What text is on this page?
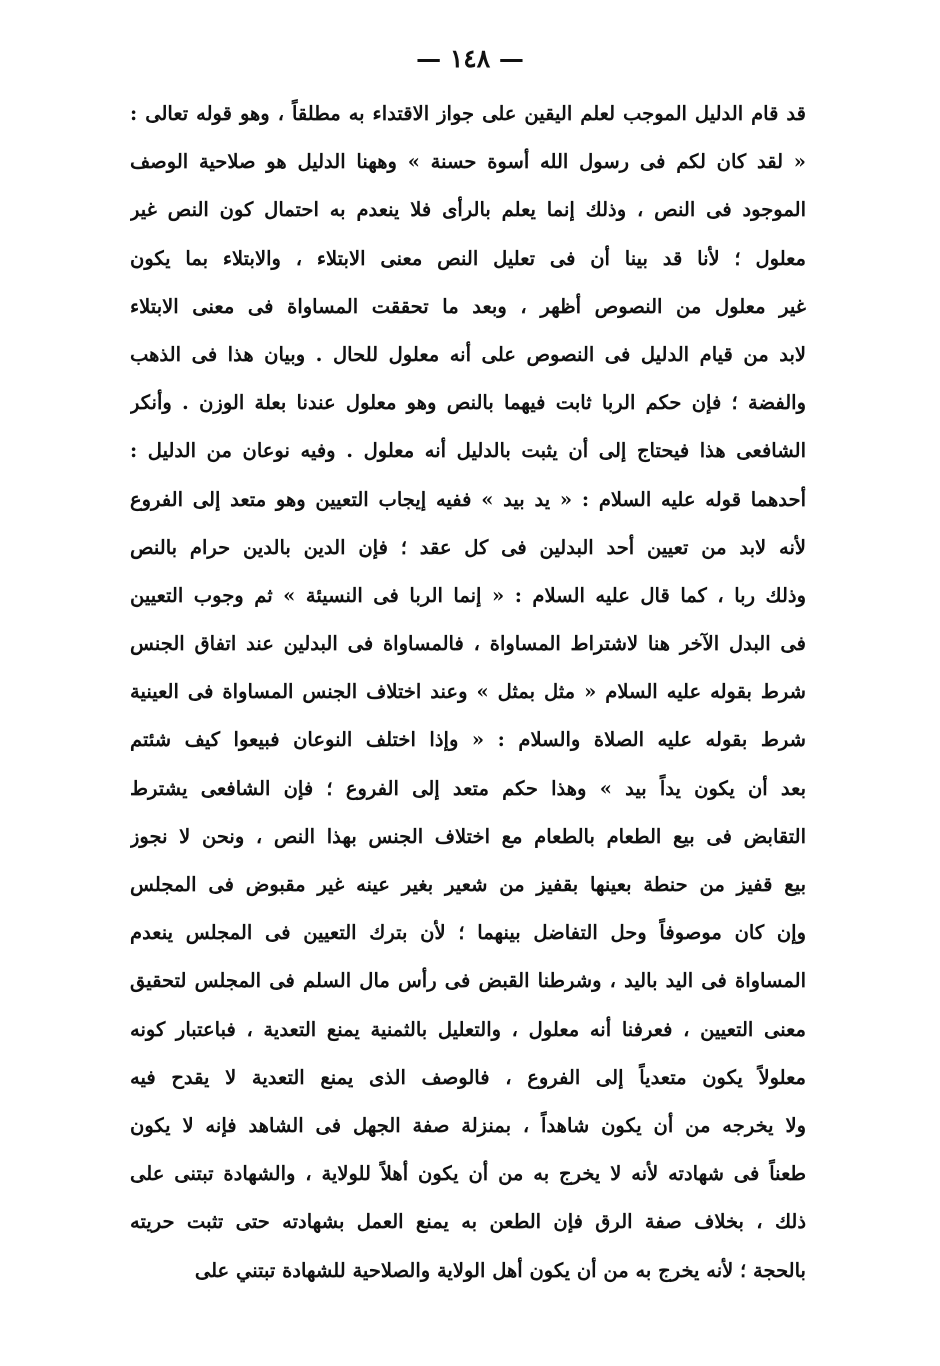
— ١٤٨ —
قد قام الدليل الموجب لعلم اليقين على جواز الاقتداء به مطلقاً ، وهو قوله تعالى :
« لقد كان لكم فى رسول الله أسوة حسنة » وههنا الدليل هو صلاحية الوصف
الموجود فى النص ، وذلك إنما يعلم بالرأى فلا ينعدم به احتمال كون النص غير
معلول ؛ لأنا قد بينا أن فى تعليل النص معنى الابتلاء ، والابتلاء بما يكون
غير معلول من النصوص أظهر ، وبعد ما تحققت المساواة فى معنى الابتلاء
لابد من قيام الدليل فى النصوص على أنه معلول للحال . وبيان هذا فى الذهب
والفضة ؛ فإن حكم الربا ثابت فيهما بالنص وهو معلول عندنا بعلة الوزن . وأنكر
الشافعى هذا فيحتاج إلى أن يثبت بالدليل أنه معلول . وفيه نوعان من الدليل :
أحدهما قوله عليه السلام : « يد بيد » ففيه إيجاب التعيين وهو متعد إلى الفروع
لأنه لابد من تعيين أحد البدلين فى كل عقد ؛ فإن الدين بالدين حرام بالنص
وذلك ربا ، كما قال عليه السلام : « إنما الربا فى النسيئة » ثم وجوب التعيين
فى البدل الآخر هنا لاشتراط المساواة ، فالمساواة فى البدلين عند اتفاق الجنس
شرط بقوله عليه السلام « مثل بمثل » وعند اختلاف الجنس المساواة فى العينية
شرط بقوله عليه الصلاة والسلام : « وإذا اختلف النوعان فبيعوا كيف شئتم
بعد أن يكون يداً بيد » وهذا حكم متعد إلى الفروع ؛ فإن الشافعى يشترط
التقابض فى بيع الطعام بالطعام مع اختلاف الجنس بهذا النص ، ونحن لا نجوز
بيع قفيز من حنطة بعينها بقفيز من شعير بغير عينه غير مقبوض فى المجلس
وإن كان موصوفاً وحل التفاضل بينهما ؛ لأن بترك التعيين فى المجلس ينعدم
المساواة فى اليد باليد ، وشرطنا القبض فى رأس مال السلم فى المجلس لتحقيق
معنى التعيين ، فعرفنا أنه معلول ، والتعليل بالثمنية يمنع التعدية ، فباعتبار كونه
معلولاً يكون متعدياً إلى الفروع ، فالوصف الذى يمنع التعدية لا يقدح فيه
ولا يخرجه من أن يكون شاهداً ، بمنزلة صفة الجهل فى الشاهد فإنه لا يكون
طعناً فى شهادته لأنه لا يخرج به من أن يكون أهلاً للولاية ، والشهادة تبتنى على
ذلك ، بخلاف صفة الرق فإن الطعن به يمنع العمل بشهادته حتى تثبت حريته
بالحجة ؛ لأنه يخرج به من أن يكون أهل الولاية والصلاحية للشهادة تبتني على
